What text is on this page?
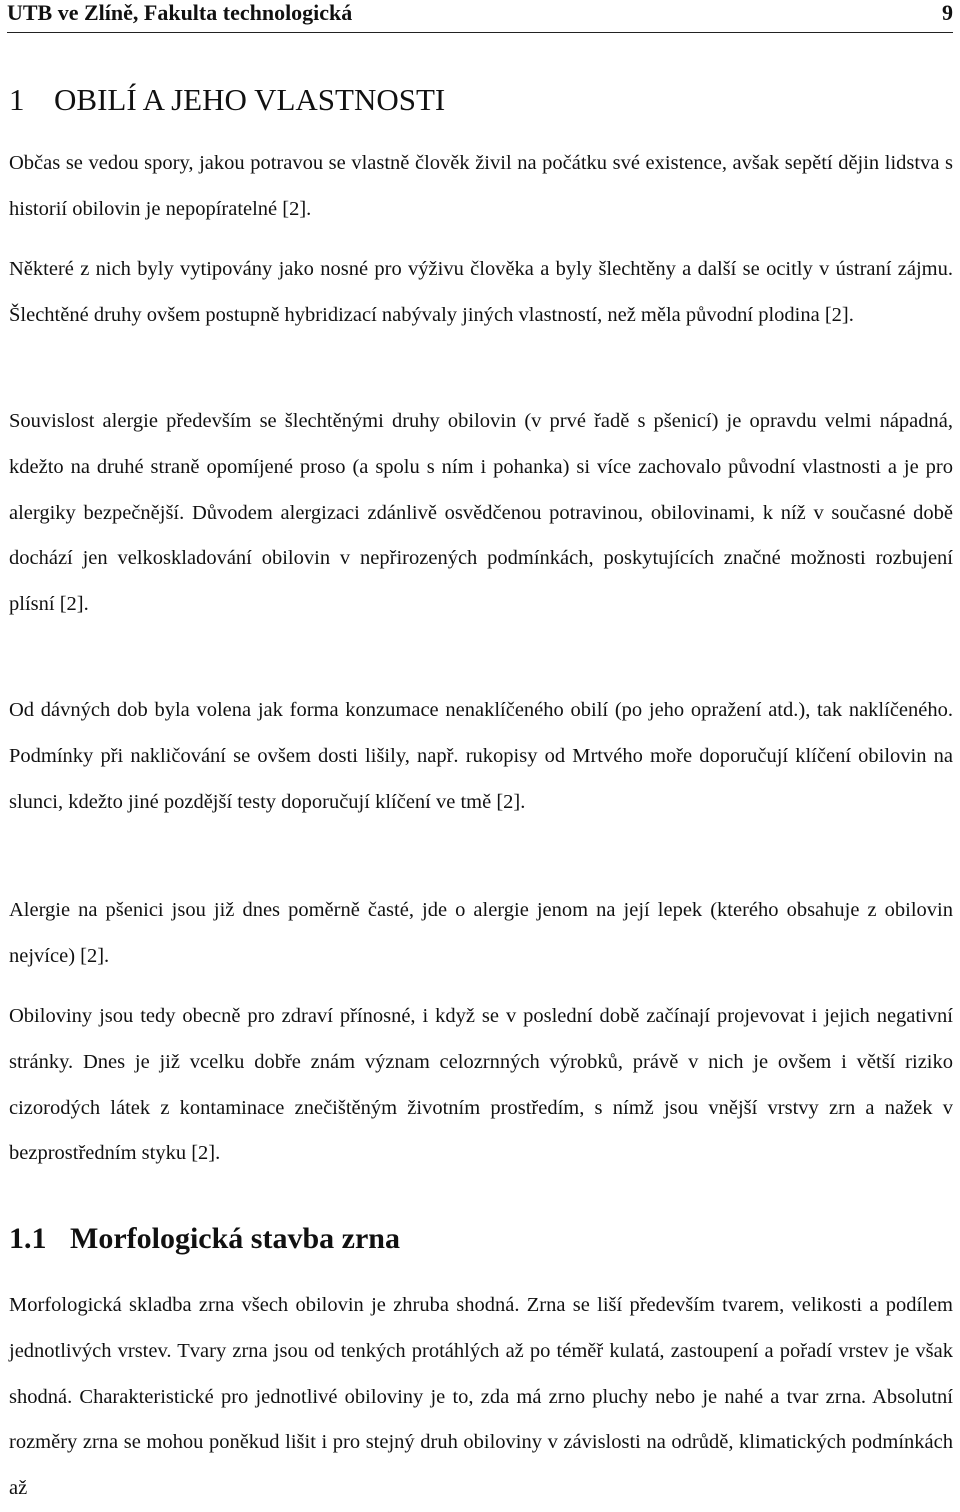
UTB ve Zlíně, Fakultа technologická	9
1 OBILÍ A JEHO VLASTNOSTI

Občas se vedou spory, jakou potravou se vlastně člověk živil na počátku své existence, avšak sepětí dějin lidstva s historií obilovin je nepopíratelné [2].

Některé z nich byly vytipovány jako nosné pro výživu člověka a byly šlechtěny a další se ocitly v ústraní zájmu. Šlechtěné druhy ovšem postupně hybridizací nabývaly jiných vlastností, než měla původní plodina [2].

Souvislost alergie především se šlechtěnými druhy obilovin (v prvé řadě s pšenicí) je opravdu velmi nápadná, kdežto na druhé straně opomíjené proso (a spolu s ním i pohanka) si více zachovalo původní vlastnosti a je pro alergiky bezpečnější. Důvodem alergizaci zdánlivě osvědčenou potravinou, obilovinami, k níž v současné době dochází jen velkoskladování obilovin v nepřirozených podmínkách, poskytujících značné možnosti rozbujení plísní [2].

Od dávných dob byla volena jak forma konzumace nenaklíčeného obilí (po jeho opražení atd.), tak naklíčeného. Podmínky při nakličování se ovšem dosti lišily, např. rukopisy od Mrtvého moře doporučují klíčení obilovin na slunci, kdežto jiné pozdější testy doporučují klíčení ve tmě [2].

Alergie na pšenici jsou již dnes poměrně časté, jde o alergie jenom na její lepek (kterého obsahuje z obilovin nejvíce) [2].

Obiloviny jsou tedy obecně pro zdraví přínosné, i když se v poslední době začínají projevovat i jejich negativní stránky. Dnes je již vcelku dobře znám význam celozrnných výrobků, právě v nich je ovšem i větší riziko cizorodých látek z kontaminace znečištěným životním prostředím, s nímž jsou vnější vrstvy zrn a nažek v bezprostředním styku [2].

1.1 Morfologická stavba zrna

Morfologická skladba zrna všech obilovin je zhruba shodná. Zrna se liší především tvarem, velikosti a podílem jednotlivých vrstev. Tvary zrna jsou od tenkých protáhlých až po téměř kulatá, zastoupení a pořadí vrstev je však shodná. Charakteristické pro jednotlivé obiloviny je to, zda má zrno pluchy nebo je nahé a tvar zrna. Absolutní rozměry zrna se mohou poněkud lišit i pro stejný druh obiloviny v závislosti na odrůdě, klimatických podmínkách až
